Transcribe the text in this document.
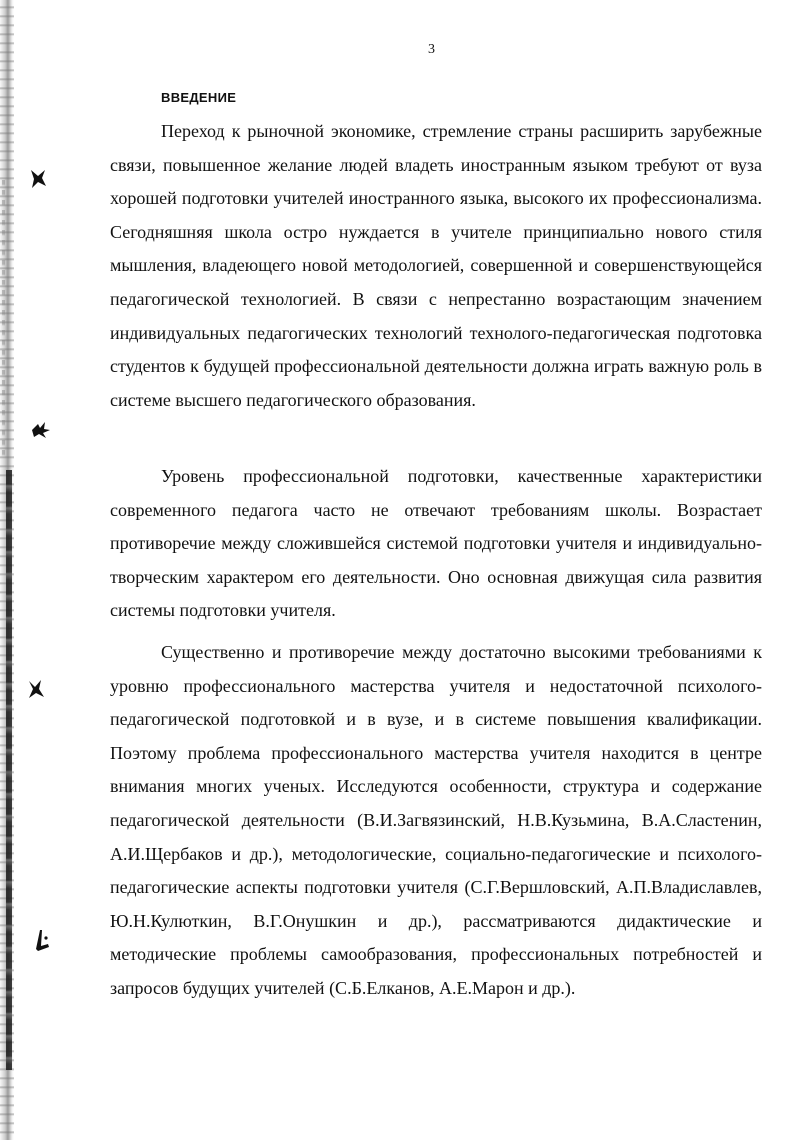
3
ВВЕДЕНИЕ

Переход к рыночной экономике, стремление страны расширить зарубежные связи, повышенное желание людей владеть иностранным языком требуют от вуза хорошей подготовки учителей иностранного языка, высокого их профессионализма. Сегодняшняя школа остро нуждается в учителе принципиально нового стиля мышления, владеющего новой методологией, совершенной и совершенствующейся педагогической технологией. В связи с непрестанно возрастающим значением индивидуальных педагогических технологий технолого-педагогическая подготовка студентов к будущей профессиональной деятельности должна играть важную роль в системе высшего педагогического образования.

Уровень профессиональной подготовки, качественные характеристики современного педагога часто не отвечают требованиям школы. Возрастает противоречие между сложившейся системой подготовки учителя и индивидуально-творческим характером его деятельности. Оно основная движущая сила развития системы подготовки учителя.

Существенно и противоречие между достаточно высокими требованиями к уровню профессионального мастерства учителя и недостаточной психолого-педагогической подготовкой и в вузе, и в системе повышения квалификации. Поэтому проблема профессионального мастерства учителя находится в центре внимания многих ученых. Исследуются особенности, структура и содержание педагогической деятельности (В.И.Загвязинский, Н.В.Кузьмина, В.А.Сластенин, А.И.Щербаков и др.), методологические, социально-педагогические и психолого-педагогические аспекты подготовки учителя (С.Г.Вершловский, А.П.Владиславлев, Ю.Н.Кулюткин, В.Г.Онушкин и др.), рассматриваются дидактические и методические проблемы самообразования, профессиональных потребностей и запросов будущих учителей (С.Б.Елканов, А.Е.Марон и др.).
